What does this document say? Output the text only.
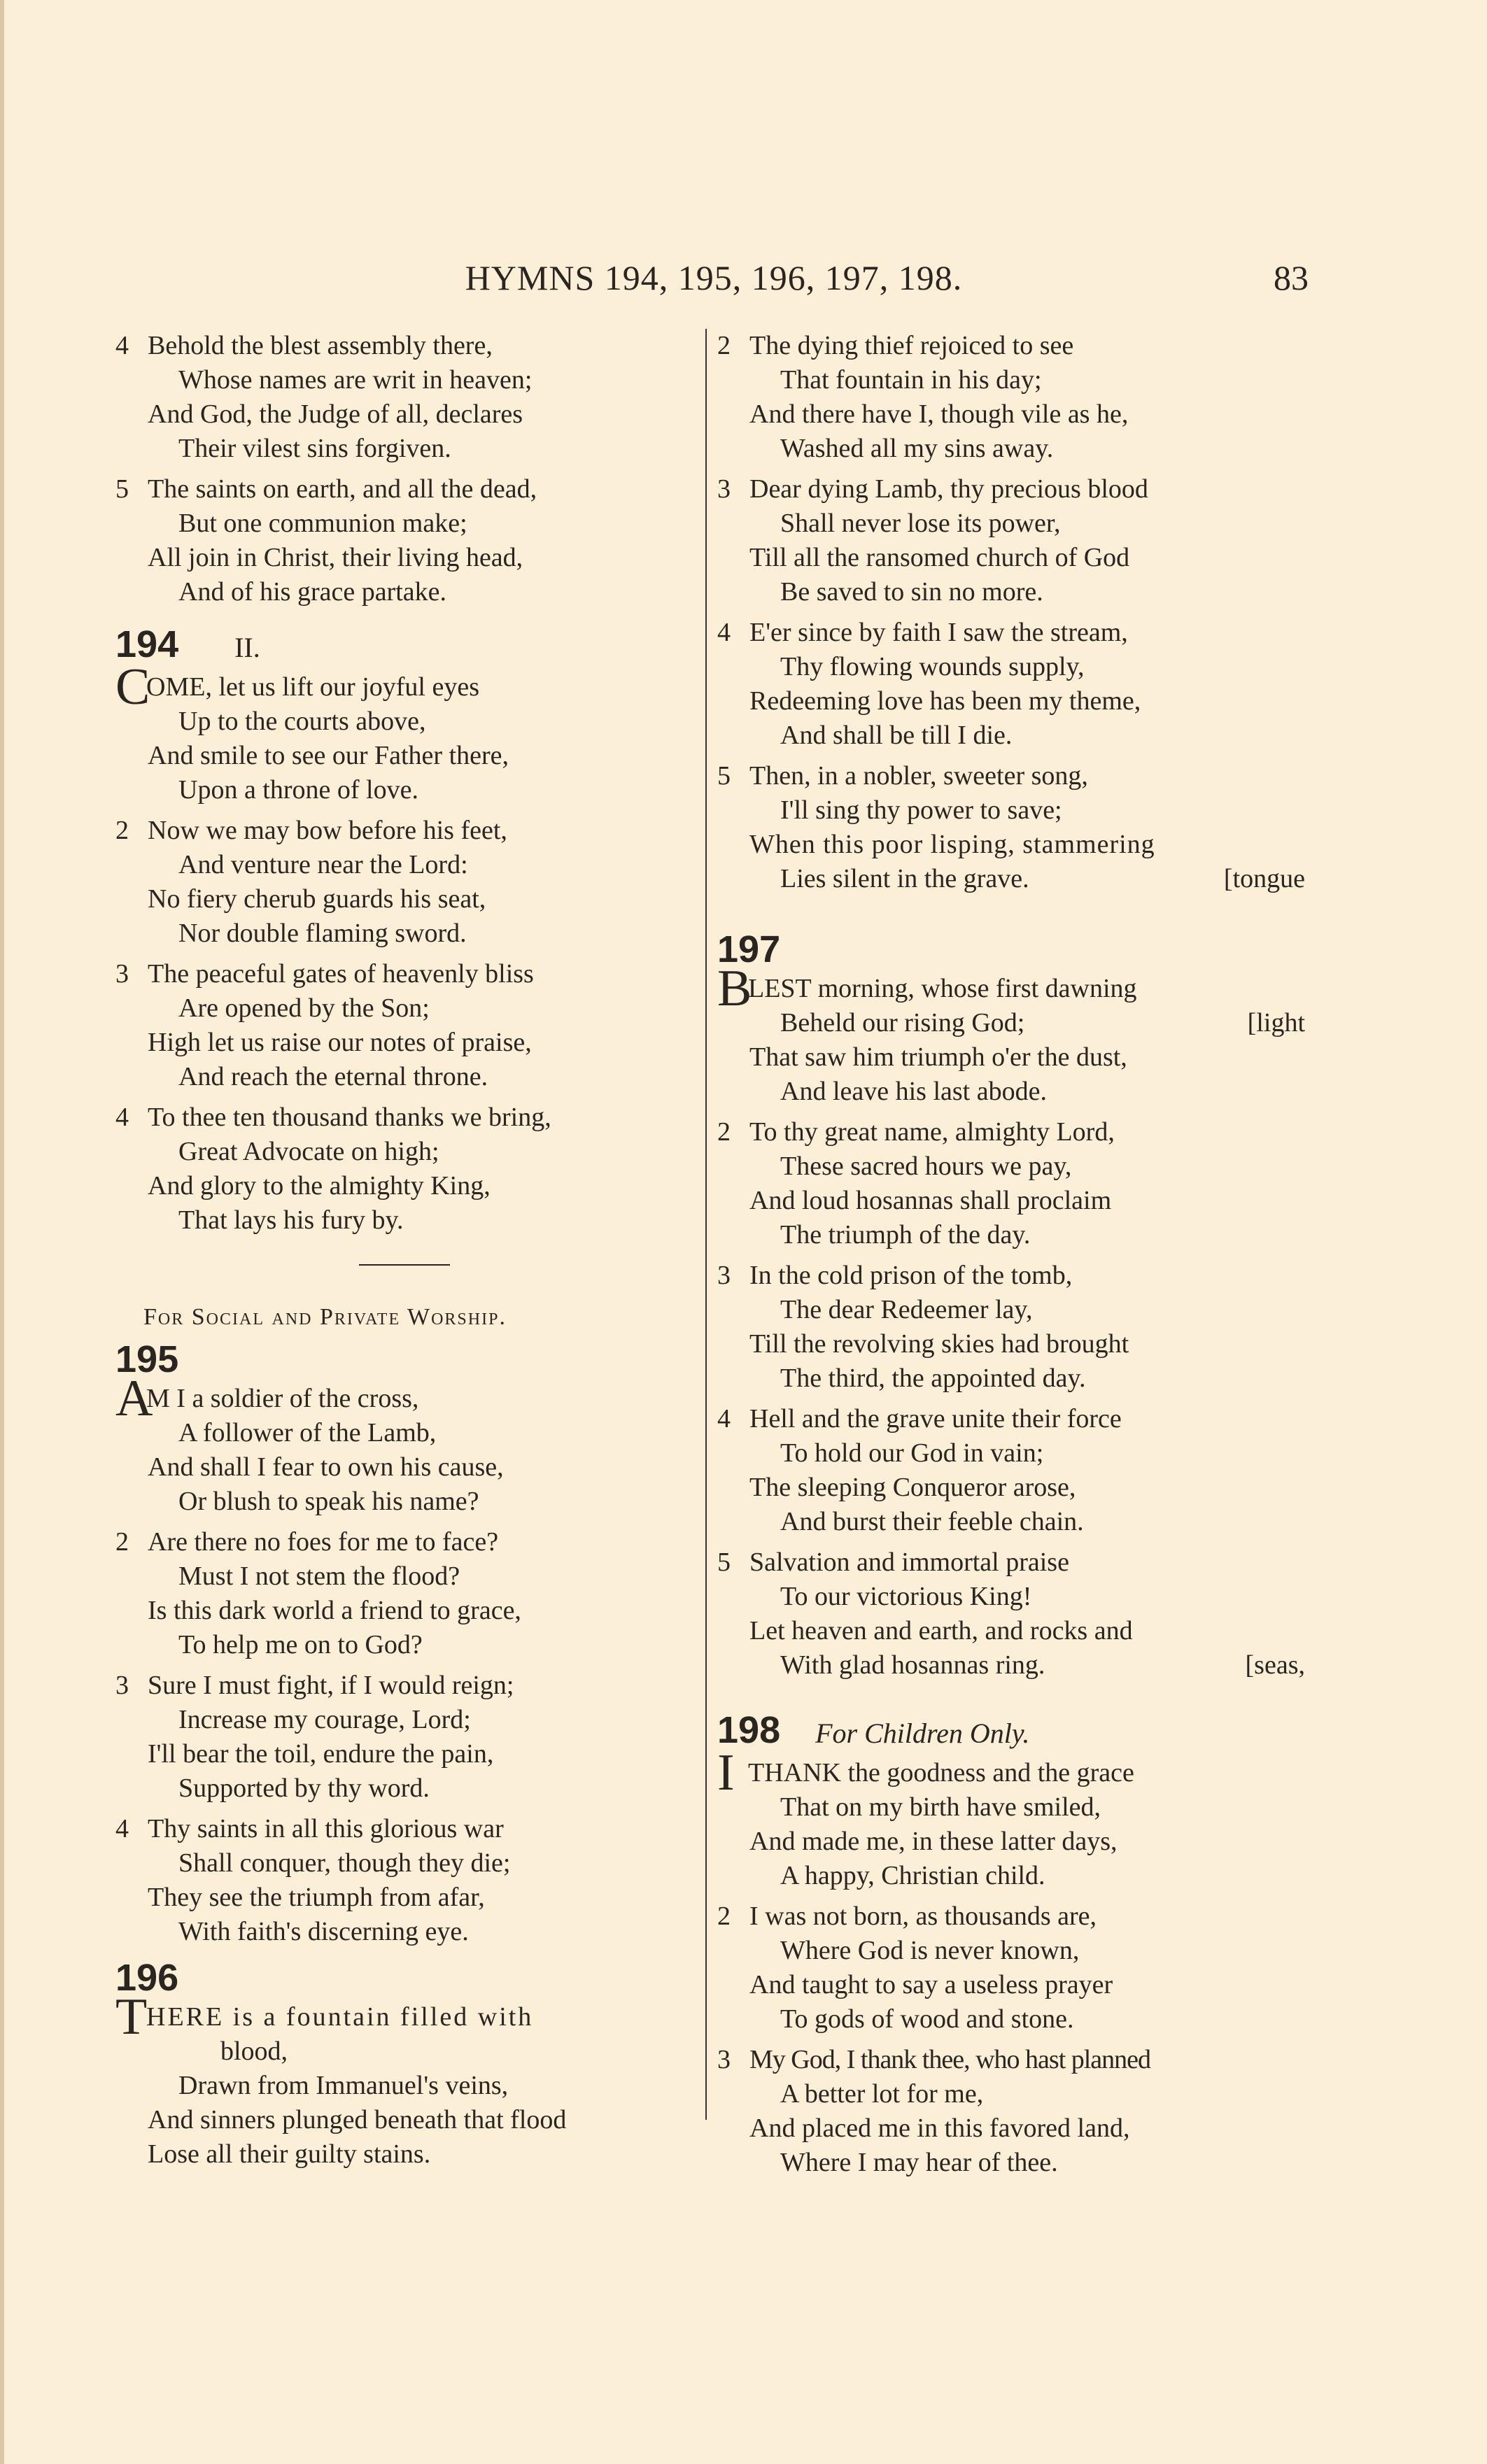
HYMNS 194, 195, 196, 197, 198.	83
4 Behold the blest assembly there,
Whose names are writ in heaven;
And God, the Judge of all, declares
Their vilest sins forgiven.
5 The saints on earth, and all the dead,
But one communion make;
All join in Christ, their living head,
And of his grace partake.
194 II.
COME, let us lift our joyful eyes
Up to the courts above,
And smile to see our Father there,
Upon a throne of love.
2 Now we may bow before his feet,
And venture near the Lord:
No fiery cherub guards his seat,
Nor double flaming sword.
3 The peaceful gates of heavenly bliss
Are opened by the Son;
High let us raise our notes of praise,
And reach the eternal throne.
4 To thee ten thousand thanks we bring,
Great Advocate on high;
And glory to the almighty King,
That lays his fury by.
For Social and Private Worship.
195
AM I a soldier of the cross,
A follower of the Lamb,
And shall I fear to own his cause,
Or blush to speak his name?
2 Are there no foes for me to face?
Must I not stem the flood?
Is this dark world a friend to grace,
To help me on to God?
3 Sure I must fight, if I would reign;
Increase my courage, Lord;
I'll bear the toil, endure the pain,
Supported by thy word.
4 Thy saints in all this glorious war
Shall conquer, though they die;
They see the triumph from afar,
With faith's discerning eye.
196
THERE is a fountain filled with
blood,
Drawn from Immanuel's veins,
And sinners plunged beneath that flood
Lose all their guilty stains.
2 The dying thief rejoiced to see
That fountain in his day;
And there have I, though vile as he,
Washed all my sins away.
3 Dear dying Lamb, thy precious blood
Shall never lose its power,
Till all the ransomed church of God
Be saved to sin no more.
4 E'er since by faith I saw the stream,
Thy flowing wounds supply,
Redeeming love has been my theme,
And shall be till I die.
5 Then, in a nobler, sweeter song,
I'll sing thy power to save;
When this poor lisping, stammering
Lies silent in the grave.	[tongue
197
BLEST morning, whose first dawning
Beheld our rising God;	[light
That saw him triumph o'er the dust,
And leave his last abode.
2 To thy great name, almighty Lord,
These sacred hours we pay,
And loud hosannas shall proclaim
The triumph of the day.
3 In the cold prison of the tomb,
The dear Redeemer lay,
Till the revolving skies had brought
The third, the appointed day.
4 Hell and the grave unite their force
To hold our God in vain;
The sleeping Conqueror arose,
And burst their feeble chain.
5 Salvation and immortal praise
To our victorious King!
Let heaven and earth, and rocks and
With glad hosannas ring.	[seas,
198 For Children Only.
ITHANK the goodness and the grace
That on my birth have smiled,
And made me, in these latter days,
A happy, Christian child.
2 I was not born, as thousands are,
Where God is never known,
And taught to say a useless prayer
To gods of wood and stone.
3 My God, I thank thee, who hast planned
A better lot for me,
And placed me in this favored land,
Where I may hear of thee.
